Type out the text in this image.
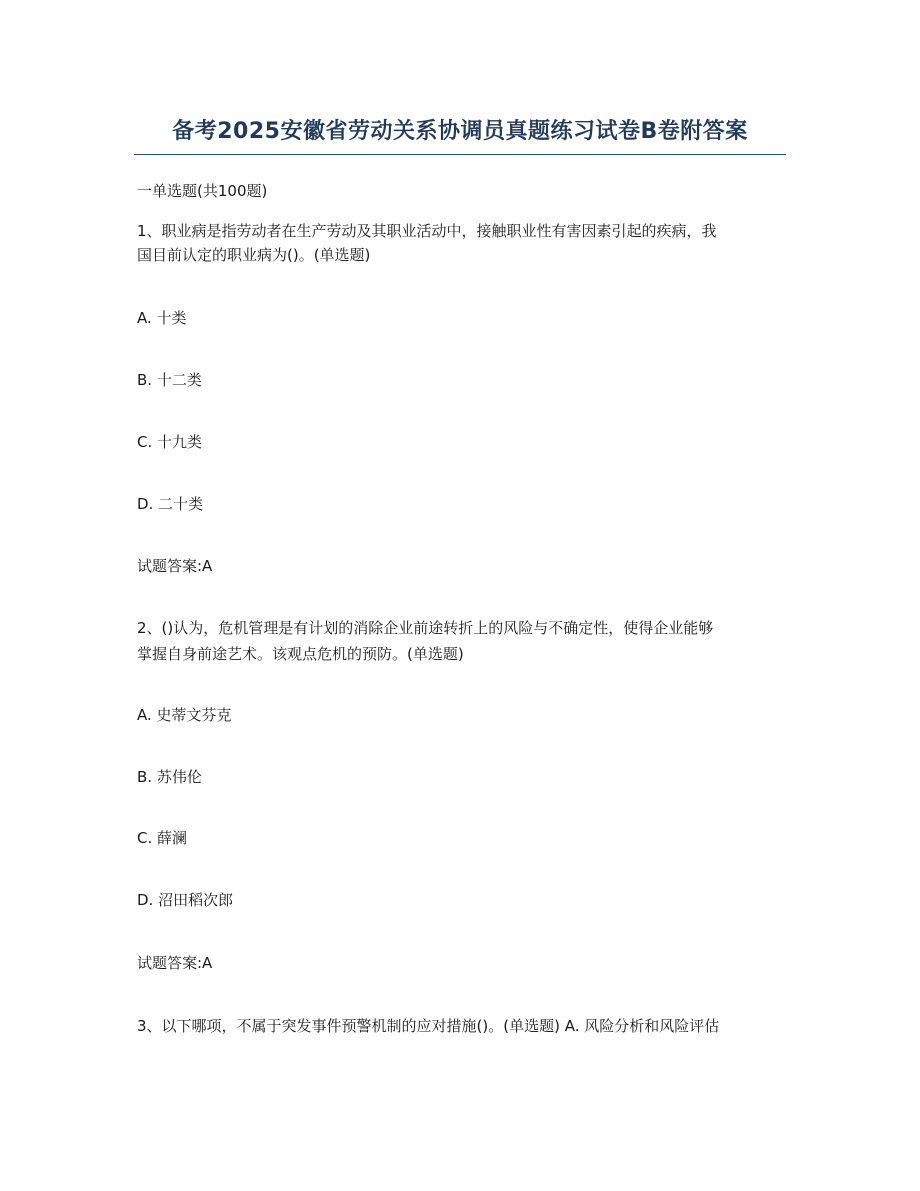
备考2025安徽省劳动关系协调员真题练习试卷B卷附答案
一单选题(共100题)
1、职业病是指劳动者在生产劳动及其职业活动中，接触职业性有害因素引起的疾病，我
国目前认定的职业病为()。(单选题)
A. 十类
B. 十二类
C. 十九类
D. 二十类
试题答案:A
2、()认为，危机管理是有计划的消除企业前途转折上的风险与不确定性，使得企业能够
掌握自身前途艺术。该观点危机的预防。(单选题)
A. 史蒂文芬克
B. 苏伟伦
C. 薛澜
D. 沼田稻次郎
试题答案:A
3、以下哪项，不属于突发事件预警机制的应对措施()。(单选题) A. 风险分析和风险评估
